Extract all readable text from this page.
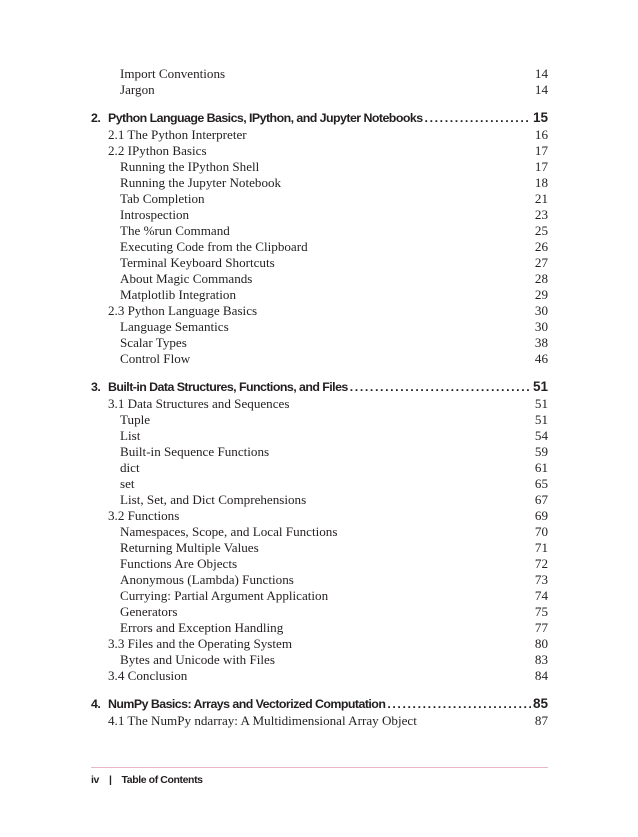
Import Conventions	14
Jargon	14
2. Python Language Basics, IPython, and Jupyter Notebooks .....	15
2.1 The Python Interpreter	16
2.2 IPython Basics	17
Running the IPython Shell	17
Running the Jupyter Notebook	18
Tab Completion	21
Introspection	23
The %run Command	25
Executing Code from the Clipboard	26
Terminal Keyboard Shortcuts	27
About Magic Commands	28
Matplotlib Integration	29
2.3 Python Language Basics	30
Language Semantics	30
Scalar Types	38
Control Flow	46
3. Built-in Data Structures, Functions, and Files .....	51
3.1 Data Structures and Sequences	51
Tuple	51
List	54
Built-in Sequence Functions	59
dict	61
set	65
List, Set, and Dict Comprehensions	67
3.2 Functions	69
Namespaces, Scope, and Local Functions	70
Returning Multiple Values	71
Functions Are Objects	72
Anonymous (Lambda) Functions	73
Currying: Partial Argument Application	74
Generators	75
Errors and Exception Handling	77
3.3 Files and the Operating System	80
Bytes and Unicode with Files	83
3.4 Conclusion	84
4. NumPy Basics: Arrays and Vectorized Computation .....	85
4.1 The NumPy ndarray: A Multidimensional Array Object	87
iv | Table of Contents
